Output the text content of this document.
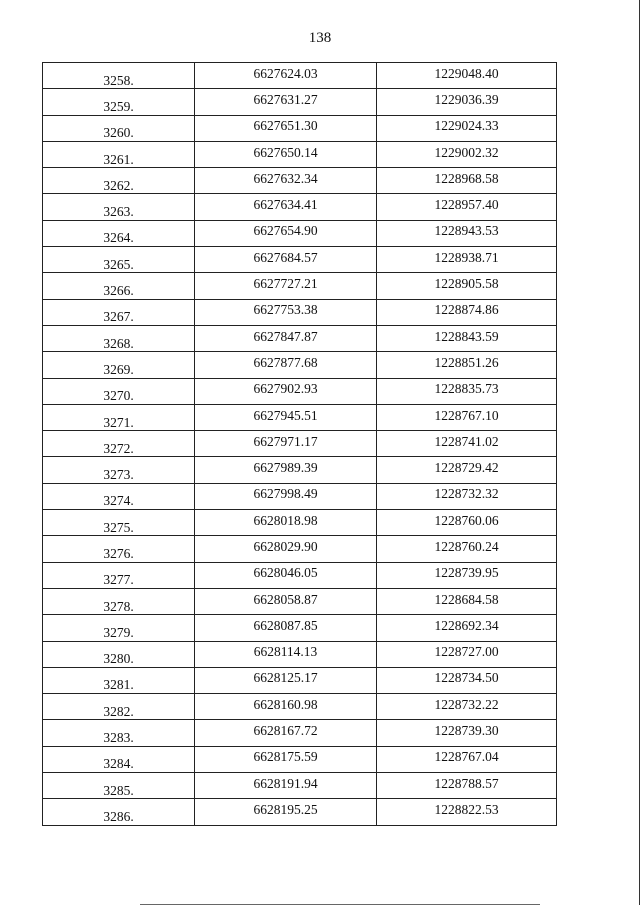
138
3258.	6627624.03	1229048.40
3259.	6627631.27	1229036.39
3260.	6627651.30	1229024.33
3261.	6627650.14	1229002.32
3262.	6627632.34	1228968.58
3263.	6627634.41	1228957.40
3264.	6627654.90	1228943.53
3265.	6627684.57	1228938.71
3266.	6627727.21	1228905.58
3267.	6627753.38	1228874.86
3268.	6627847.87	1228843.59
3269.	6627877.68	1228851.26
3270.	6627902.93	1228835.73
3271.	6627945.51	1228767.10
3272.	6627971.17	1228741.02
3273.	6627989.39	1228729.42
3274.	6627998.49	1228732.32
3275.	6628018.98	1228760.06
3276.	6628029.90	1228760.24
3277.	6628046.05	1228739.95
3278.	6628058.87	1228684.58
3279.	6628087.85	1228692.34
3280.	6628114.13	1228727.00
3281.	6628125.17	1228734.50
3282.	6628160.98	1228732.22
3283.	6628167.72	1228739.30
3284.	6628175.59	1228767.04
3285.	6628191.94	1228788.57
3286.	6628195.25	1228822.53
